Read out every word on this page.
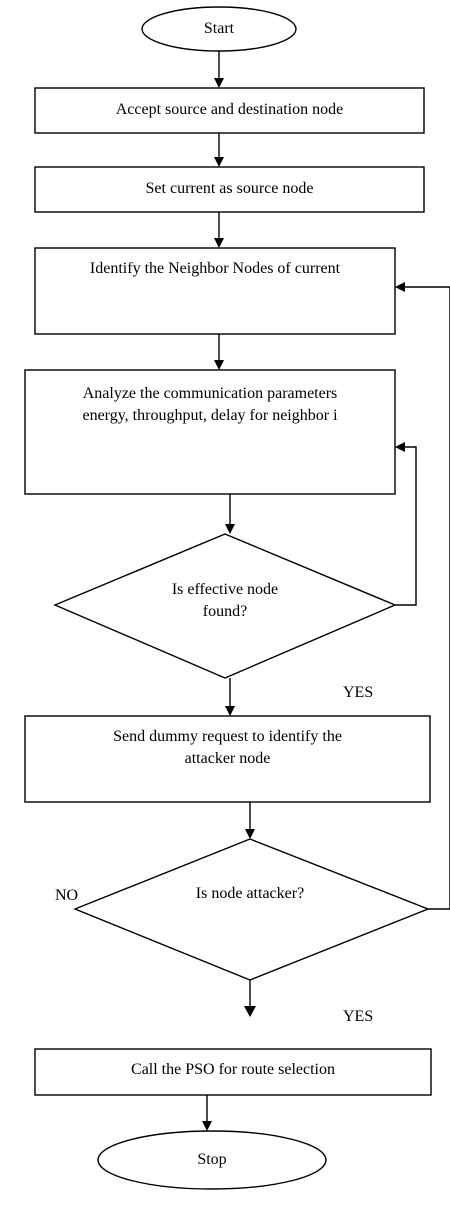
Start
Accept source and destination node
Set current as source node
Identify the Neighbor Nodes of current
Analyze the communication parameters
energy, throughput, delay for neighbor i
Is effective node
found?
YES
Send dummy request to identify the
attacker node
Is node attacker?
NO
YES
Call the PSO for route selection
Stop
